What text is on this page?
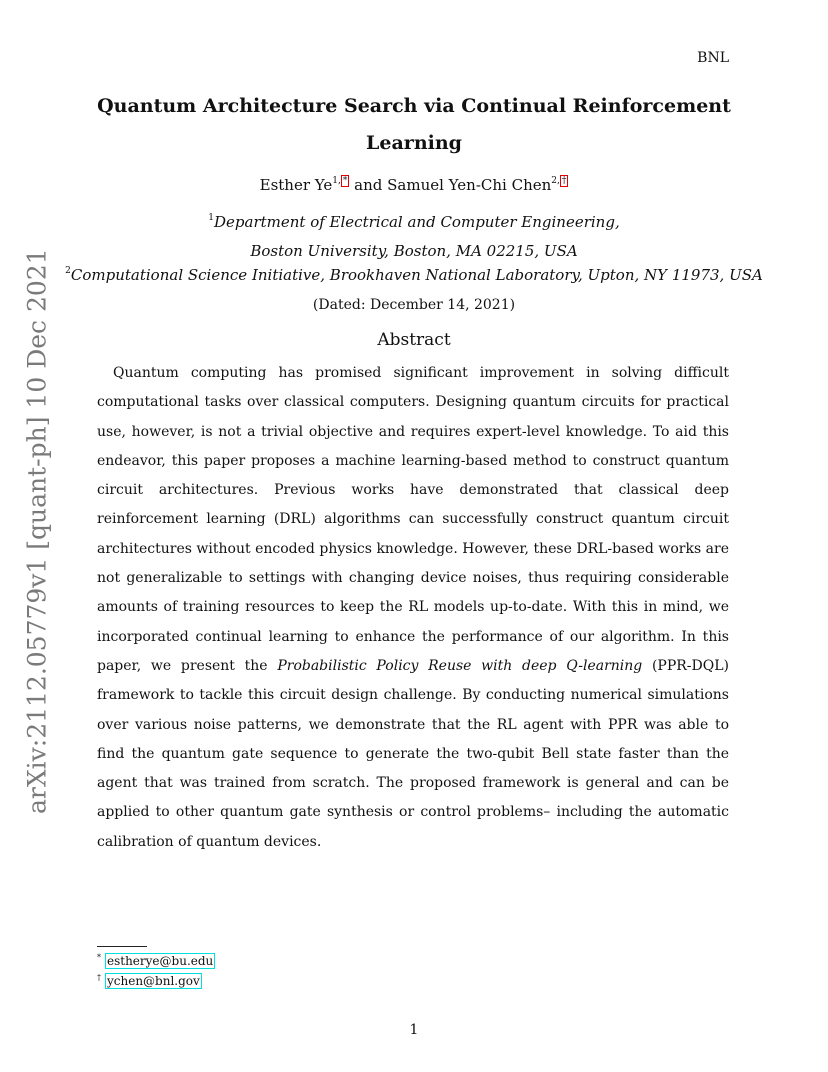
BNL
Quantum Architecture Search via Continual Reinforcement
Learning
Esther $Ye^{1, *}$ and Samuel Yen-Chi Chen$^{2, \dagger}$
$^1$Department of Electrical and Computer Engineering,
Boston University, Boston, MA 02215, USA
$^2$Computational Science Initiative, Brookhaven National Laboratory, Upton, NY 11973, USA
(Dated: December 14, 2021)
Abstract

Quantum computing has promised significant improvement in solving difficult computational tasks over classical computers. Designing quantum circuits for practical use, however, is not a trivial objective and requires expert-level knowledge. To aid this endeavor, this paper proposes a machine learning-based method to construct quantum circuit architectures. Previous works have demonstrated that classical deep reinforcement learning (DRL) algorithms can successfully construct quantum circuit architectures without encoded physics knowledge. However, these DRL-based works are not generalizable to settings with changing device noises, thus requiring considerable amounts of training resources to keep the RL models up-to-date. With this in mind, we incorporated continual learning to enhance the performance of our algorithm. In this paper, we present the Probabilistic Policy Reuse with deep Q-learning (PPR-DQL) framework to tackle this circuit design challenge. By conducting numerical simulations over various noise patterns, we demonstrate that the RL agent with PPR was able to find the quantum gate sequence to generate the two-qubit Bell state faster than the agent that was trained from scratch. The proposed framework is general and can be applied to other quantum gate synthesis or control problems– including the automatic calibration of quantum devices.

arXiv:2112.05779v1 [quant-ph] 10 Dec 2021
* estherye@bu.edu
† ychen@bnl.gov
1
